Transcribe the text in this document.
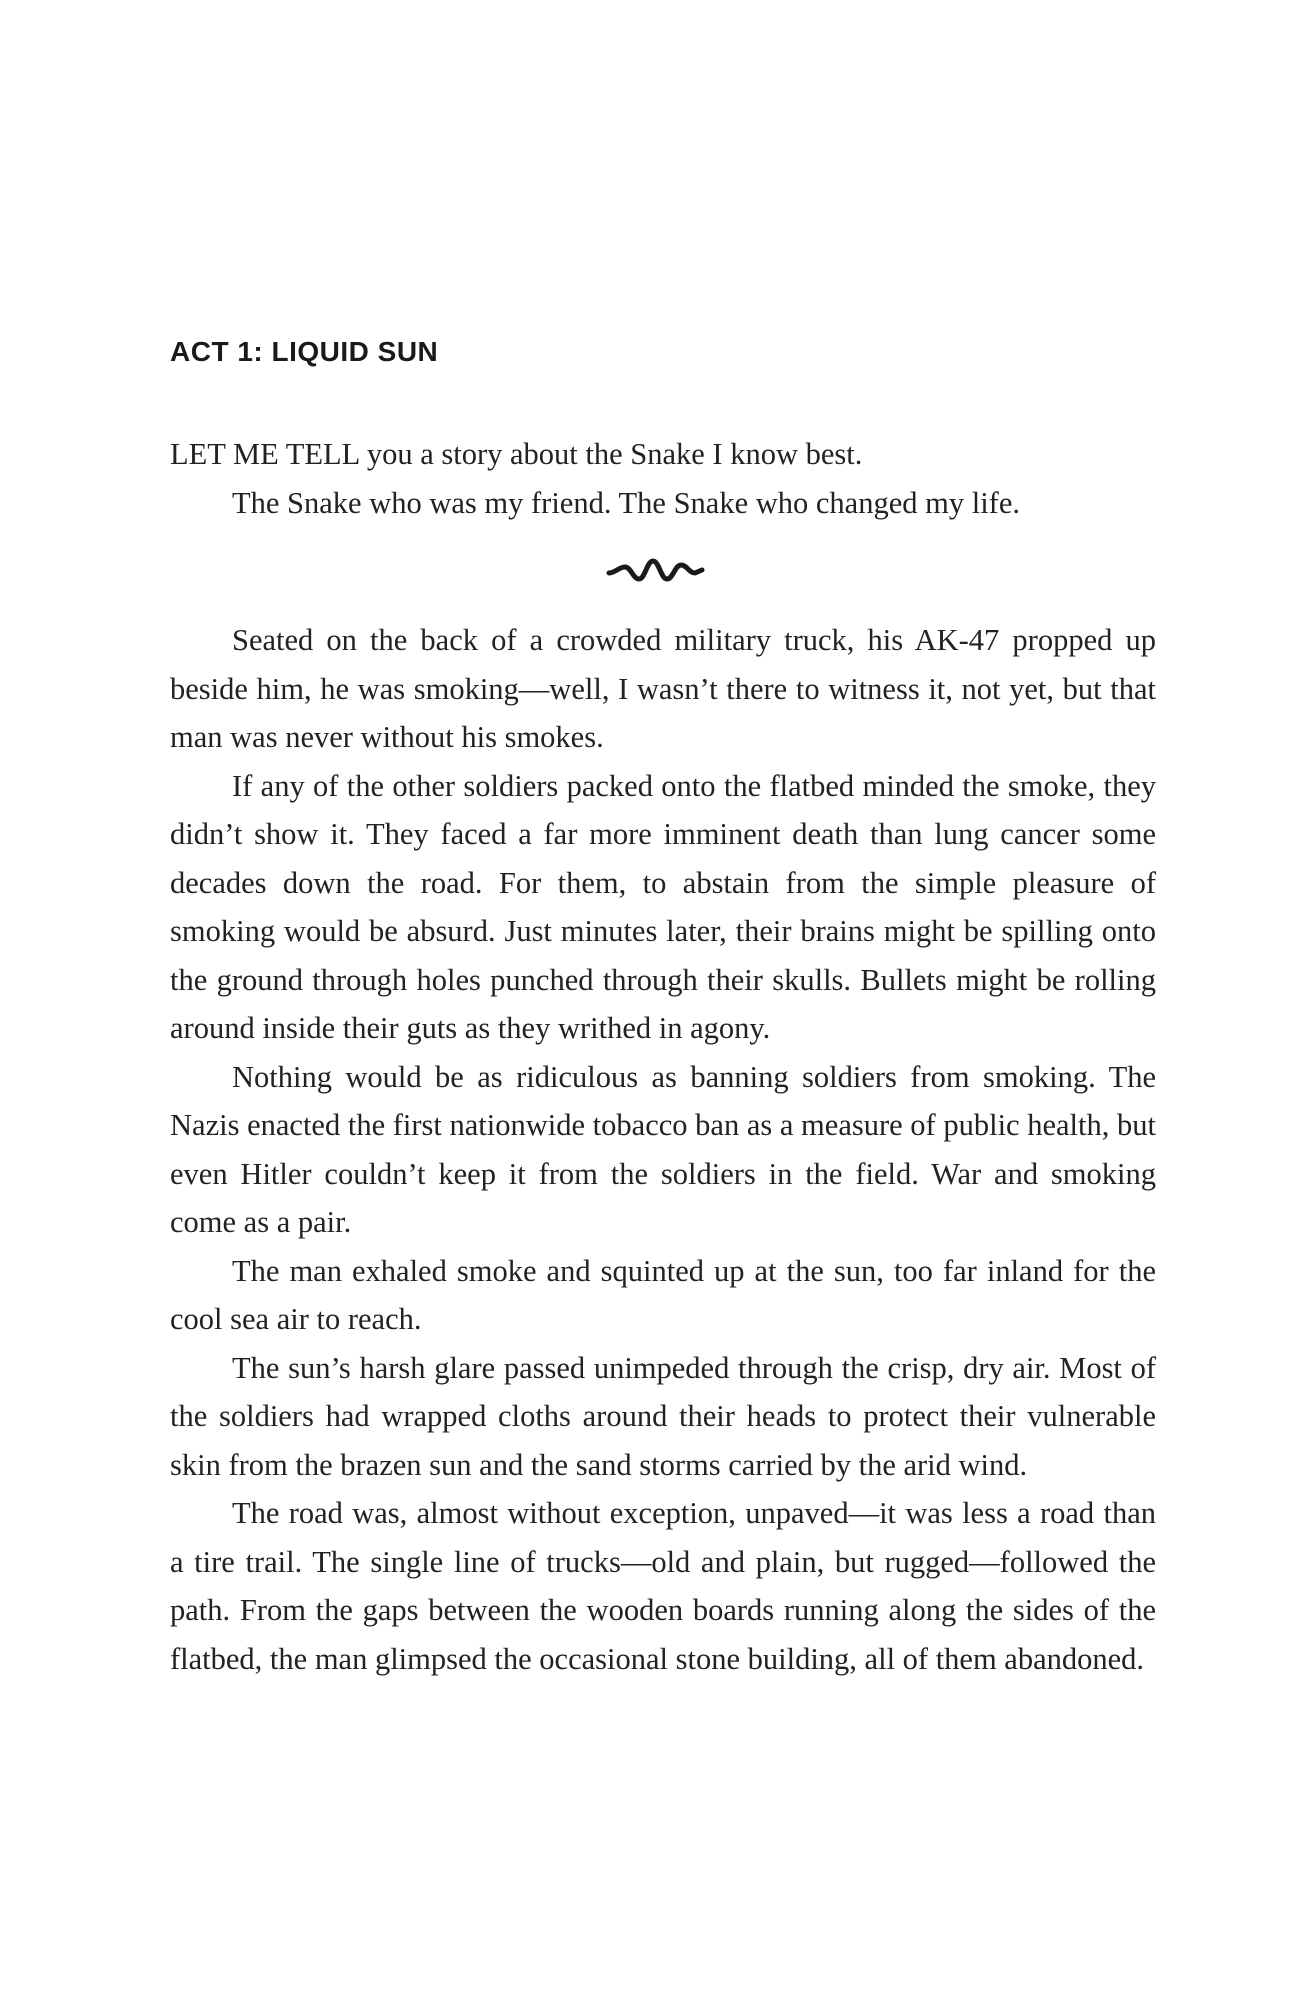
ACT 1: LIQUID SUN

LET ME TELL you a story about the Snake I know best.

The Snake who was my friend. The Snake who changed my life.

Seated on the back of a crowded military truck, his AK-47 propped up beside him, he was smoking—well, I wasn’t there to witness it, not yet, but that man was never without his smokes.

If any of the other soldiers packed onto the flatbed minded the smoke, they didn’t show it. They faced a far more imminent death than lung cancer some decades down the road. For them, to abstain from the simple pleasure of smoking would be absurd. Just minutes later, their brains might be spilling onto the ground through holes punched through their skulls. Bullets might be rolling around inside their guts as they writhed in agony.

Nothing would be as ridiculous as banning soldiers from smoking. The Nazis enacted the first nationwide tobacco ban as a measure of public health, but even Hitler couldn’t keep it from the soldiers in the field. War and smoking come as a pair.

The man exhaled smoke and squinted up at the sun, too far inland for the cool sea air to reach.

The sun’s harsh glare passed unimpeded through the crisp, dry air. Most of the soldiers had wrapped cloths around their heads to protect their vulnerable skin from the brazen sun and the sand storms carried by the arid wind.

The road was, almost without exception, unpaved—it was less a road than a tire trail. The single line of trucks—old and plain, but rugged—followed the path. From the gaps between the wooden boards running along the sides of the flatbed, the man glimpsed the occasional stone building, all of them abandoned.
